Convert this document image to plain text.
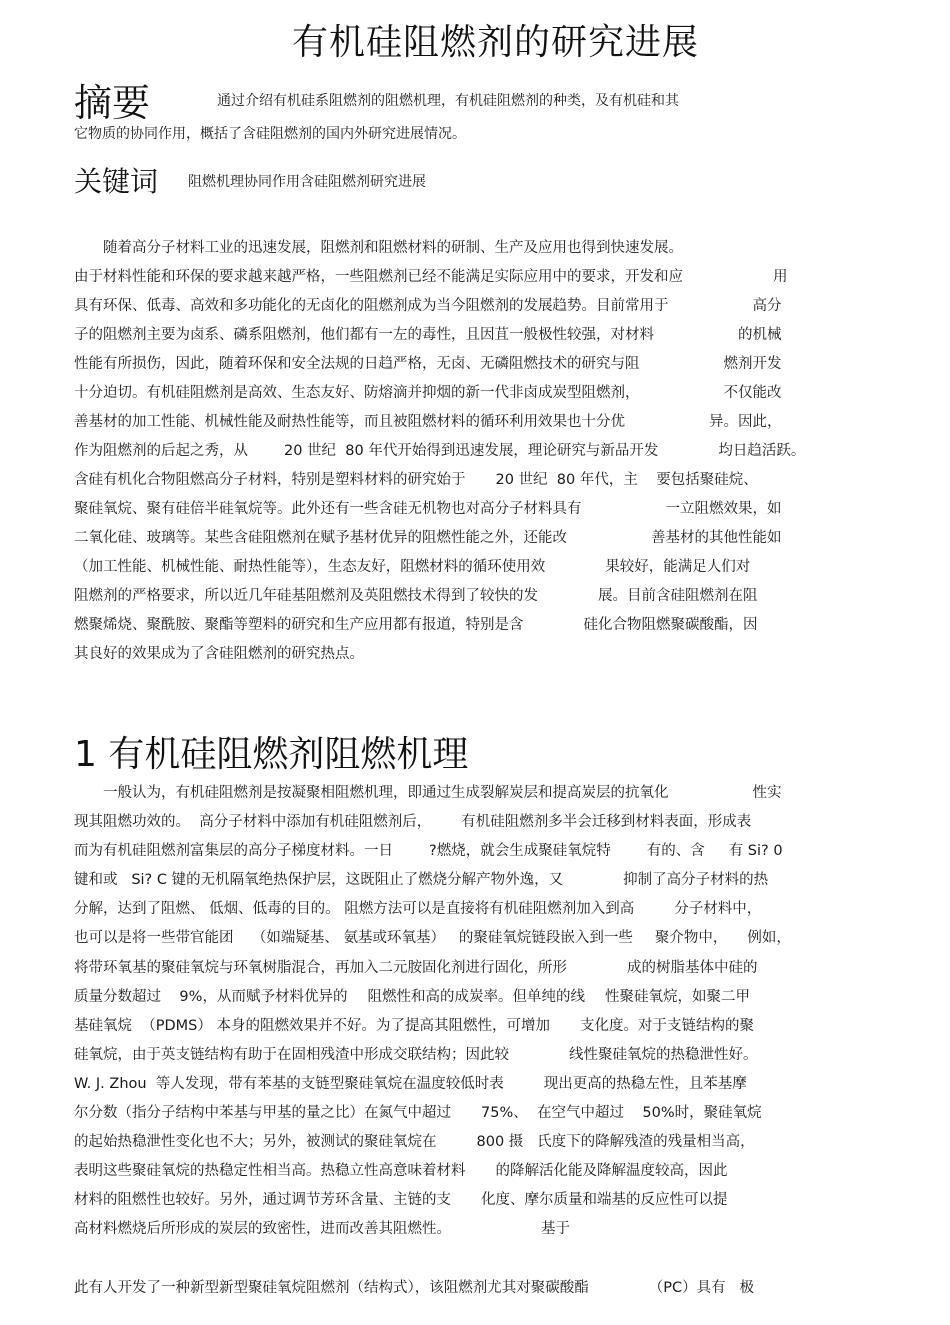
有机硅阻燃剂的研究进展
摘要	通过介绍有机硅系阻燃剂的阻燃机理，有机硅阻燃剂的种类，及有机硅和其
它物质的协同作用，概括了含硅阻燃剂的国内外研究进展情况。
关键词 阻燃机理协同作用含硅阻燃剂研究进展
　　随着高分子材料工业的迅速发展，阻燃剂和阻燃材料的研制、生产及应用也得到快速发展。
由于材料性能和环保的要求越来越严格，一些阻燃剂已经不能满足实际应用中的要求，开发和应	用
具有环保、低毒、高效和多功能化的无卤化的阻燃剂成为当今阻燃剂的发展趋势。目前常用于	高分
子的阻燃剂主要为卤系、磷系阻燃剂，他们都有一左的毒性，且因苴一般极性较强，对材料	的机械
性能有所损伤，因此，随着环保和安全法规的日趋严格，无卤、无磷阻燃技术的研究与阻	燃剂开发
十分迫切。有机硅阻燃剂是高效、生态友好、防熔滴并抑烟的新一代非卤成炭型阻燃剂，	不仅能改
善基材的加工性能、机械性能及耐热性能等，而且被阻燃材料的循环利用效果也十分优	异。因此，
作为阻燃剂的后起之秀，从 20 世纪  80 年代开始得到迅速发展，理论研究与新品开发	均日趋活跃。
含硅有机化合物阻燃高分子材料，特别是塑料材料的研究始于 20 世纪  80 年代，主    要包括聚硅烷、
聚硅氧烷、聚有硅倍半硅氧烷等。此外还有一些含硅无机物也对高分子材料具有	一立阻燃效果，如
二氧化硅、玻璃等。某些含硅阻燃剂在赋予基材优异的阻燃性能之外，还能改	善基材的其他性能如
（加工性能、机械性能、耐热性能等），生态友好，阻燃材料的循环使用效	果较好，能满足人们对
阻燃剂的严格要求，所以近几年硅基阻燃剂及英阻燃技术得到了较快的发	展。目前含硅阻燃剂在阻
燃聚烯烧、聚酰胺、聚酯等塑料的研究和生产应用都有报道，特别是含	硅化合物阻燃聚碳酸酯，因
其良好的效果成为了含硅阻燃剂的研究热点。
1 有机硅阻燃剂阻燃机理
　　一般认为，有机硅阻燃剂是按凝聚相阻燃机理，即通过生成裂解炭层和提高炭层的抗氧化	性实
现其阻燃功效的。  高分子材料中添加有机硅阻燃剂后， 有机硅阻燃剂多半会迁移到材料表面 ，形成表
而为有机硅阻燃剂富集层的高分子梯度材料。一日 ?燃烧，就会生成聚硅氧烷特 有的、含 有 Si? 0
键和或   Si? C 键的无机隔氧绝热保护层，这既阻止了燃烧分解产物外逸，又	抑制了高分子 材料的热
分解，达到了阻燃、 低烟、低毒的目的。 阻燃方法可以是直接将有机硅阻燃剂加入到高	分子材料中，
也可以是将一些带官能团    （如端疑基、 氨基或环氧基）   的聚硅氧烷链段嵌入到一些 聚介物中， 例如，
将带环氧基的聚硅氧烷与环氧树脂混合，再加入二元胺固化剂进行固化，所形	成的树脂基体中硅的
质量分数超过    9%，从而赋予材料优异的 阻燃性和高的成炭率。但单纯的线 性聚硅氧烷，如聚二甲
基硅氧烷  （PDMS） 本身的阻燃效果并不好。为了提高其阻燃性，可增加 支化度。对于支链结构的聚
硅氧烷，由于英支链结构有助于在固相残渣中形成交联结构；因此较	线性聚硅氧烷的热稳泄性好。
W. J. Zhou  等人发现，带有苯基的支链型聚硅氧烷在温度较低时表	现出更高的热稳左性，且苯基摩
尔分数（指分子结构中苯基与甲基的量之比）在氮气中超过 75%、  在空气中超过    50%时，聚硅氧烷
的起始热稳泄性变化也不大；另外，被测试的聚硅氧烷在	800 摄   氏度下的降解残渣的残量相当高，
表明这些聚硅氧烷的热稳定性相当高。热稳立性高意味着材料 的降解活化能及降解温度较高，因此
材料的阻燃性也较好。另外，通过调节芳环含量、主链的支 化度、摩尔质量和端基的反应性可以提
高材料燃烧后所形成的炭层的致密性，进而改善其阻燃性。	基于
此有人开发了一种新型新型聚硅氧烷阻燃剂（结构式），该阻燃剂尤其对聚碳酸酯	（PC）具有   极
